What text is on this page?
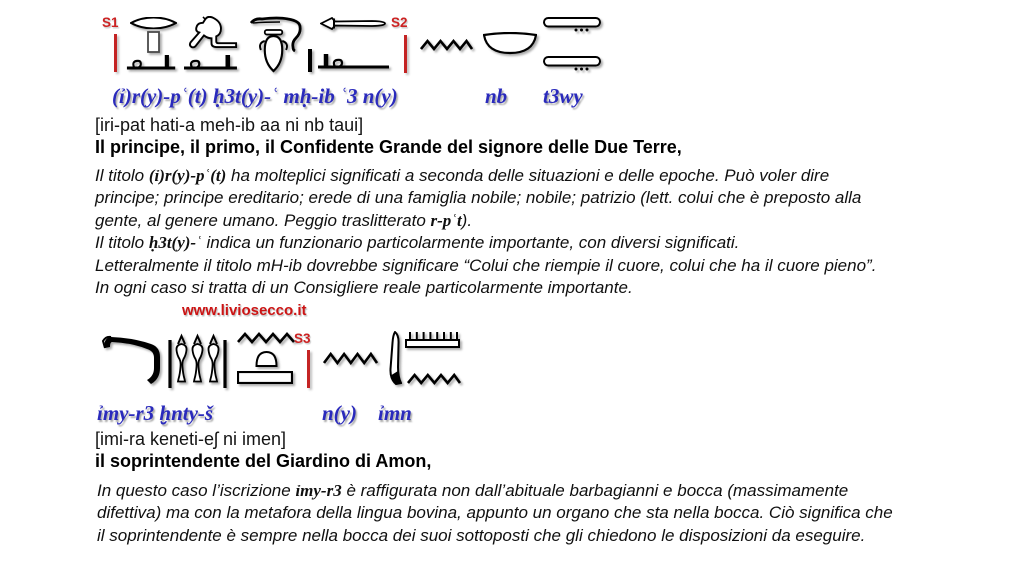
S1	S2
(ỉ)r(y)-pʿ(t) ḥ3t(y)-ʿ mḥ-ib ʿ3 n(y)	nb t3wy
[iri-pat hati-a meh-ib aa ni nb taui]
Il principe, il primo, il Confidente Grande del signore delle Due Terre,
Il titolo (ỉ)r(y)-pʿ(t) ha molteplici significati a seconda delle situazioni e delle epoche. Può voler dire
principe; principe ereditario; erede di una famiglia nobile; nobile; patrizio (lett. colui che è preposto alla
gente, al genere umano. Peggio traslitterato r-pʿt).
Il titolo ḥ3t(y)-ʿ indica un funzionario particolarmente importante, con diversi significati.
Letteralmente il titolo mH-ib dovrebbe significare “Colui che riempie il cuore, colui che ha il cuore pieno”.
In ogni caso si tratta di un Consigliere reale particolarmente importante.
www.liviosecco.it
S3
ỉmy-r3 ḫnty-š	n(y) ỉmn
[imi-ra keneti-eʃ ni imen]
il soprintendente del Giardino di Amon,
In questo caso l’iscrizione ỉmy-r3 è raffigurata non dall’abituale barbagianni e bocca (massimamente
difettiva) ma con la metafora della lingua bovina, appunto un organo che sta nella bocca. Ciò significa che
il soprintendente è sempre nella bocca dei suoi sottoposti che gli chiedono le disposizioni da eseguire.
